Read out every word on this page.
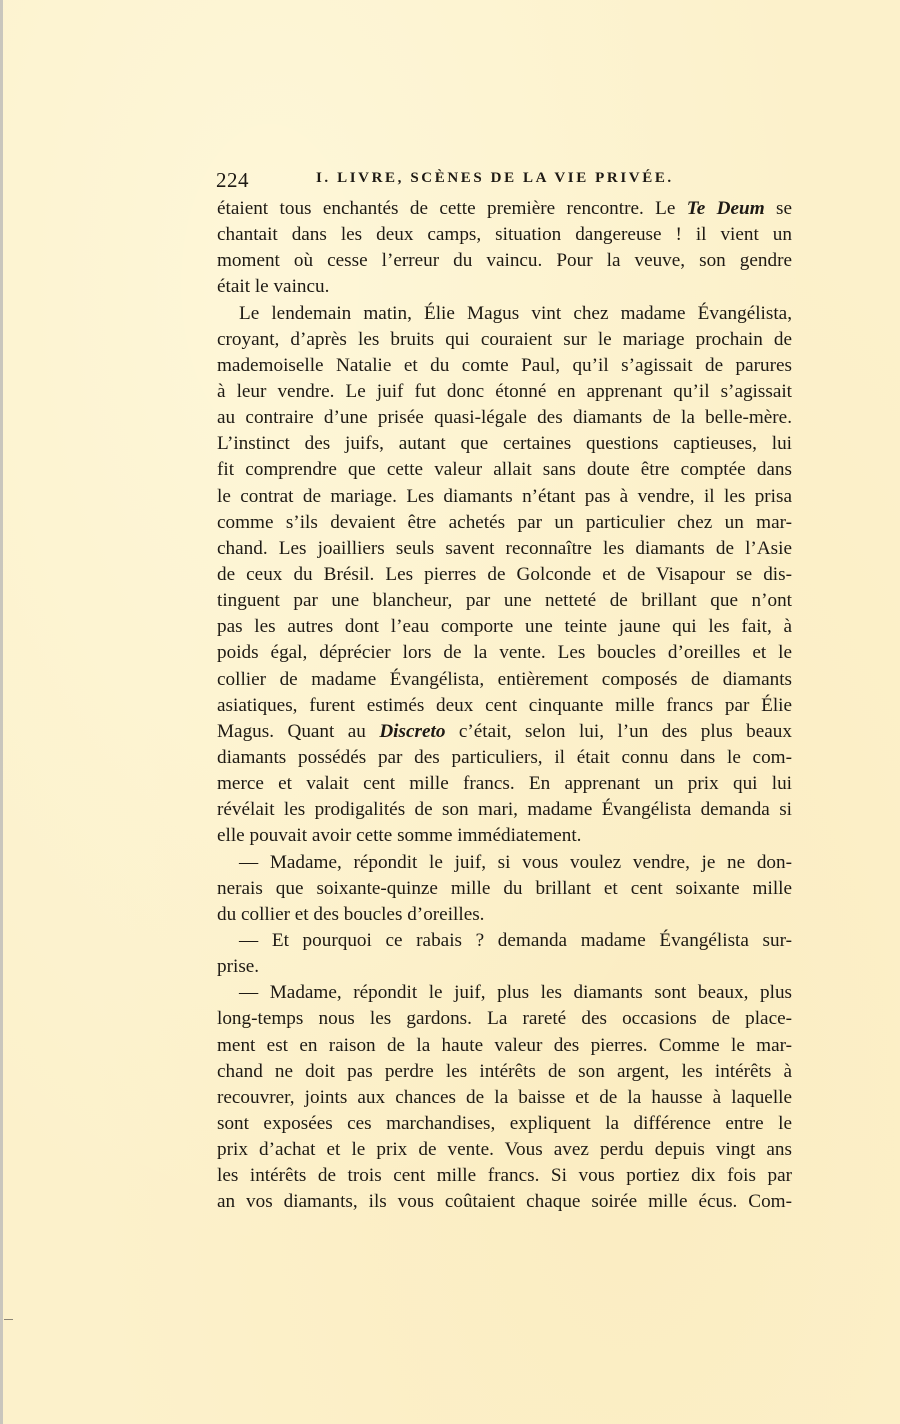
224	I. LIVRE, SCÈNES DE LA VIE PRIVÉE.
étaient tous enchantés de cette première rencontre. Le Te Deum se
chantait dans les deux camps, situation dangereuse ! il vient un
moment où cesse l’erreur du vaincu. Pour la veuve, son gendre
était le vaincu.
Le lendemain matin, Élie Magus vint chez madame Évangélista,
croyant, d’après les bruits qui couraient sur le mariage prochain de
mademoiselle Natalie et du comte Paul, qu’il s’agissait de parures
à leur vendre. Le juif fut donc étonné en apprenant qu’il s’agissait
au contraire d’une prisée quasi-légale des diamants de la belle-mère.
L’instinct des juifs, autant que certaines questions captieuses, lui
fit comprendre que cette valeur allait sans doute être comptée dans
le contrat de mariage. Les diamants n’étant pas à vendre, il les prisa
comme s’ils devaient être achetés par un particulier chez un mar-
chand. Les joailliers seuls savent reconnaître les diamants de l’Asie
de ceux du Brésil. Les pierres de Golconde et de Visapour se dis-
tinguent par une blancheur, par une netteté de brillant que n’ont
pas les autres dont l’eau comporte une teinte jaune qui les fait, à
poids égal, déprécier lors de la vente. Les boucles d’oreilles et le
collier de madame Évangélista, entièrement composés de diamants
asiatiques, furent estimés deux cent cinquante mille francs par Élie
Magus. Quant au Discreto c’était, selon lui, l’un des plus beaux
diamants possédés par des particuliers, il était connu dans le com-
merce et valait cent mille francs. En apprenant un prix qui lui
révélait les prodigalités de son mari, madame Évangélista demanda si
elle pouvait avoir cette somme immédiatement.
— Madame, répondit le juif, si vous voulez vendre, je ne don-
nerais que soixante-quinze mille du brillant et cent soixante mille
du collier et des boucles d’oreilles.
— Et pourquoi ce rabais ? demanda madame Évangélista sur-
prise.
— Madame, répondit le juif, plus les diamants sont beaux, plus
long-temps nous les gardons. La rareté des occasions de place-
ment est en raison de la haute valeur des pierres. Comme le mar-
chand ne doit pas perdre les intérêts de son argent, les intérêts à
recouvrer, joints aux chances de la baisse et de la hausse à laquelle
sont exposées ces marchandises, expliquent la différence entre le
prix d’achat et le prix de vente. Vous avez perdu depuis vingt ans
les intérêts de trois cent mille francs. Si vous portiez dix fois par
an vos diamants, ils vous coûtaient chaque soirée mille écus. Com-
